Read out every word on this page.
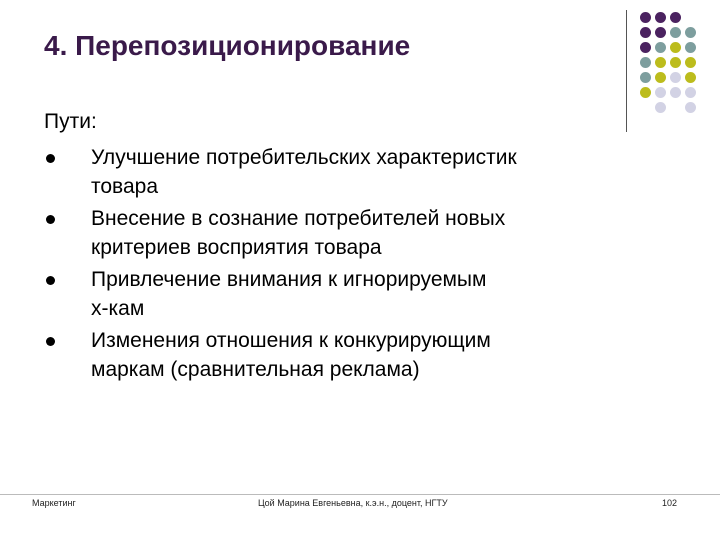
4. Перепозиционирование
Пути:
Улучшение потребительских характеристик
товара
Внесение в сознание потребителей новых
критериев восприятия товара
Привлечение внимания к игнорируемым
х-кам
Изменения отношения к конкурирующим
маркам (сравнительная реклама)
Маркетинг	Цой Марина Евгеньевна, к.э.н., доцент, НГТУ	102
